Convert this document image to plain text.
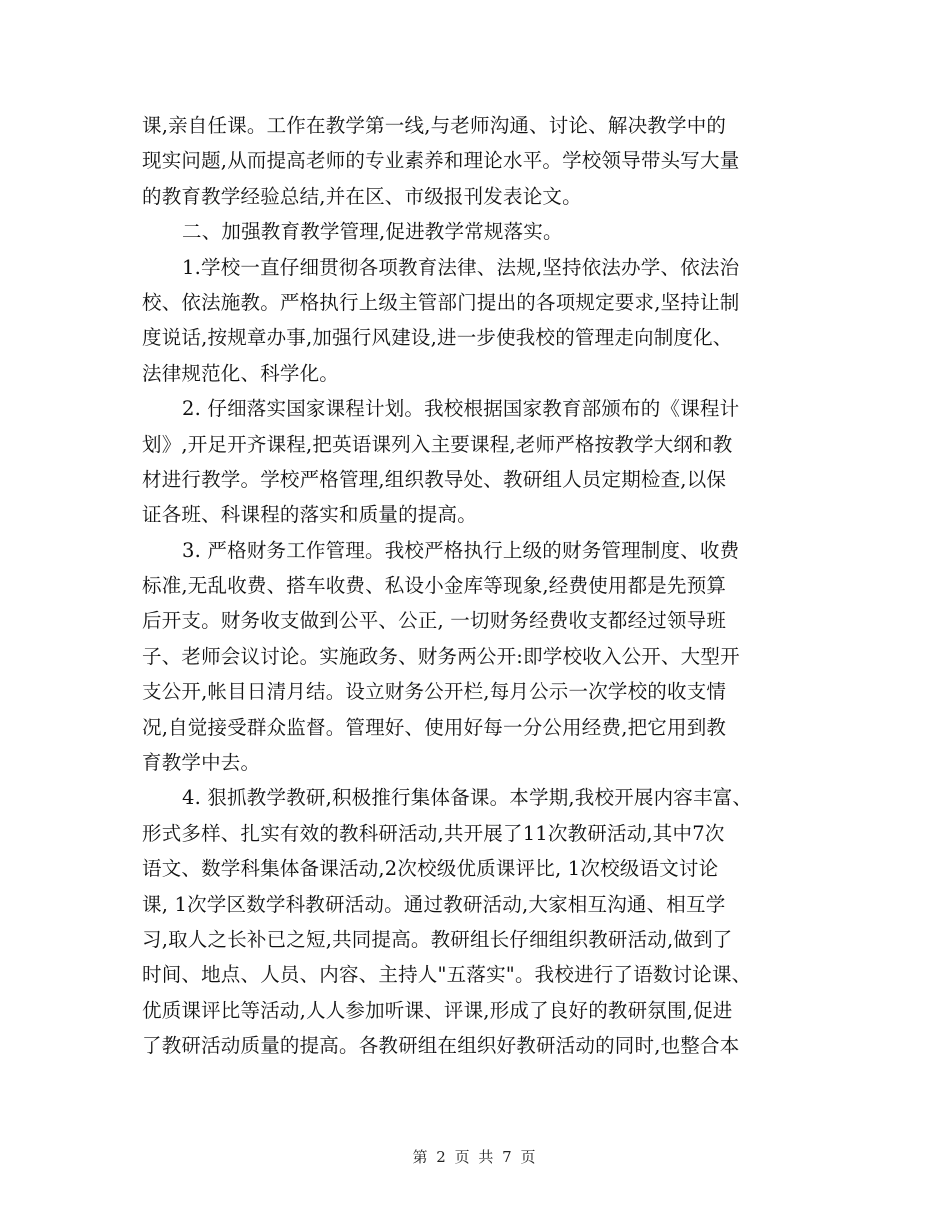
课,亲自任课。工作在教学第一线,与老师沟通、讨论、解决教学中的
现实问题,从而提高老师的专业素养和理论水平。学校领导带头写大量
的教育教学经验总结,并在区、市级报刊发表论文。
二、加强教育教学管理,促进教学常规落实。
1.学校一直仔细贯彻各项教育法律、法规,坚持依法办学、依法治
校、依法施教。严格执行上级主管部门提出的各项规定要求,坚持让制
度说话,按规章办事,加强行风建设,进一步使我校的管理走向制度化、
法律规范化、科学化。
2. 仔细落实国家课程计划。我校根据国家教育部颁布的《课程计
划》,开足开齐课程,把英语课列入主要课程,老师严格按教学大纲和教
材进行教学。学校严格管理,组织教导处、教研组人员定期检查,以保
证各班、科课程的落实和质量的提高。
3. 严格财务工作管理。我校严格执行上级的财务管理制度、收费
标准,无乱收费、搭车收费、私设小金库等现象,经费使用都是先预算
后开支。财务收支做到公平、公正, 一切财务经费收支都经过领导班
子、老师会议讨论。实施政务、财务两公开:即学校收入公开、大型开
支公开,帐目日清月结。设立财务公开栏,每月公示一次学校的收支情
况,自觉接受群众监督。管理好、使用好每一分公用经费,把它用到教
育教学中去。
4. 狠抓教学教研,积极推行集体备课。本学期,我校开展内容丰富、
形式多样、扎实有效的教科研活动,共开展了11次教研活动,其中7次
语文、数学科集体备课活动,2次校级优质课评比, 1次校级语文讨论
课, 1次学区数学科教研活动。通过教研活动,大家相互沟通、相互学
习,取人之长补已之短,共同提高。教研组长仔细组织教研活动,做到了
时间、地点、人员、内容、主持人"五落实"。我校进行了语数讨论课、
优质课评比等活动,人人参加听课、评课,形成了良好的教研氛围,促进
了教研活动质量的提高。各教研组在组织好教研活动的同时,也整合本
第 2 页 共 7 页
